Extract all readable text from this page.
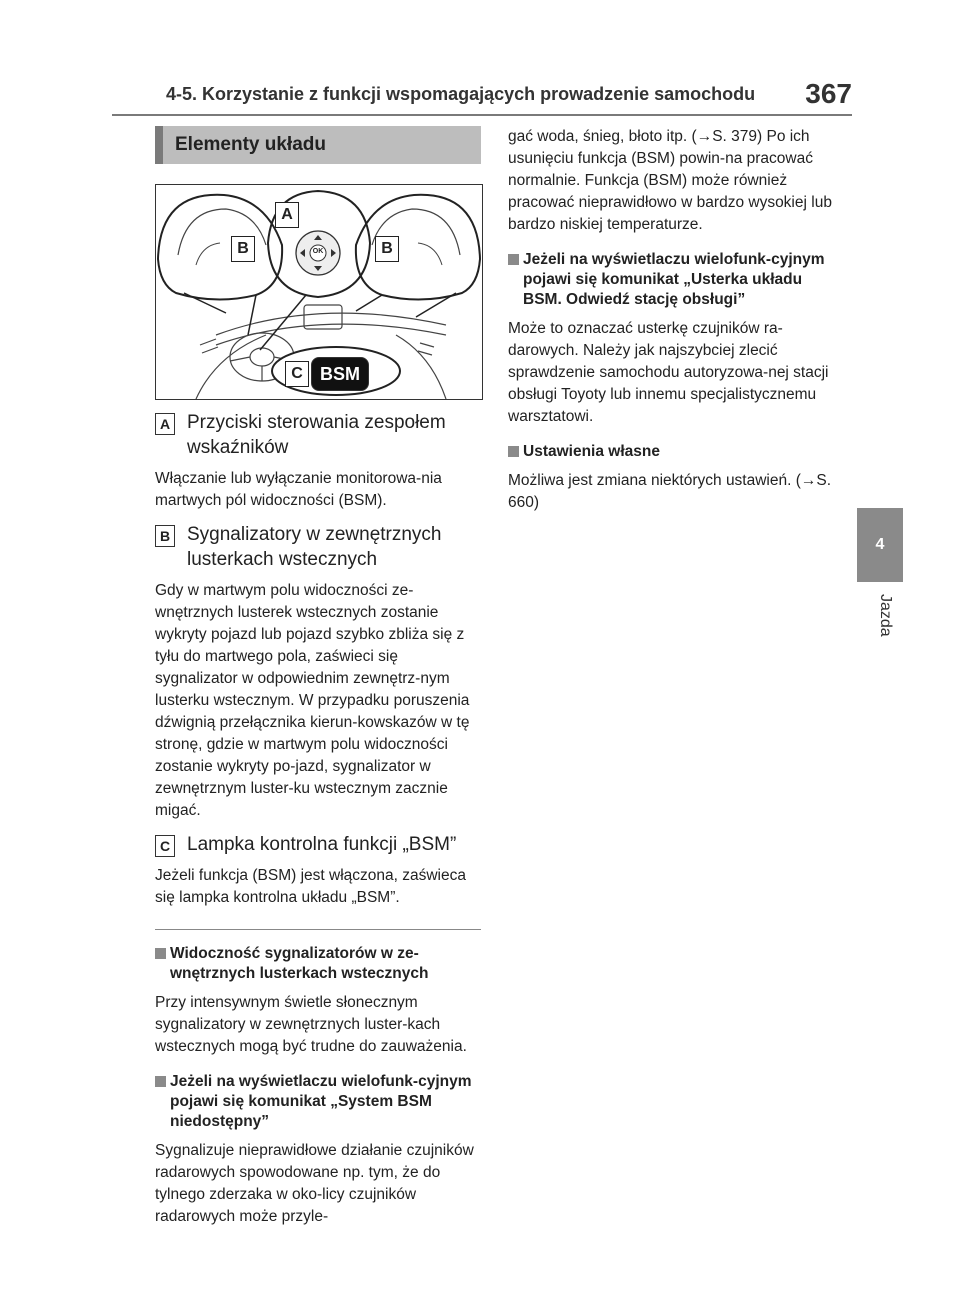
4-5. Korzystanie z funkcji wspomagających prowadzenie samochodu 367
4
Jazda
Elementy układu
A
B	B
C
OK
BSM
A Przyciski sterowania zespołem wskaźników
Włączanie lub wyłączanie monitorowa-nia martwych pól widoczności (BSM).
B Sygnalizatory w zewnętrznych lusterkach wstecznych
Gdy w martwym polu widoczności ze-wnętrznych lusterek wstecznych zostanie wykryty pojazd lub pojazd szybko zbliża się z tyłu do martwego pola, zaświeci się sygnalizator w odpowiednim zewnętrz-nym lusterku wstecznym. W przypadku poruszenia dźwignią przełącznika kierun-kowskazów w tę stronę, gdzie w martwym polu widoczności zostanie wykryty po-jazd, sygnalizator w zewnętrznym luster-ku wstecznym zacznie migać.
C Lampka kontrolna funkcji „BSM”
Jeżeli funkcja (BSM) jest włączona, zaświeca się lampka kontrolna układu „BSM”.
Widoczność sygnalizatorów w ze-wnętrznych lusterkach wstecznych
Przy intensywnym świetle słonecznym sygnalizatory w zewnętrznych luster-kach wstecznych mogą być trudne do zauważenia.
Jeżeli na wyświetlaczu wielofunk-cyjnym pojawi się komunikat „System BSM niedostępny”
Sygnalizuje nieprawidłowe działanie czujników radarowych spowodowane np. tym, że do tylnego zderzaka w oko-licy czujników radarowych może przyle-
gać woda, śnieg, błoto itp. (→S. 379) Po ich usunięciu funkcja (BSM) powin-na pracować normalnie. Funkcja (BSM) może również pracować nieprawidłowo w bardzo wysokiej lub bardzo niskiej temperaturze.
Jeżeli na wyświetlaczu wielofunk-cyjnym pojawi się komunikat „Usterka układu BSM. Odwiedź stację obsługi”
Może to oznaczać usterkę czujników ra-darowych. Należy jak najszybciej zlecić sprawdzenie samochodu autoryzowa-nej stacji obsługi Toyoty lub innemu specjalistycznemu warsztatowi.
Ustawienia własne
Możliwa jest zmiana niektórych ustawień. (→S. 660)
